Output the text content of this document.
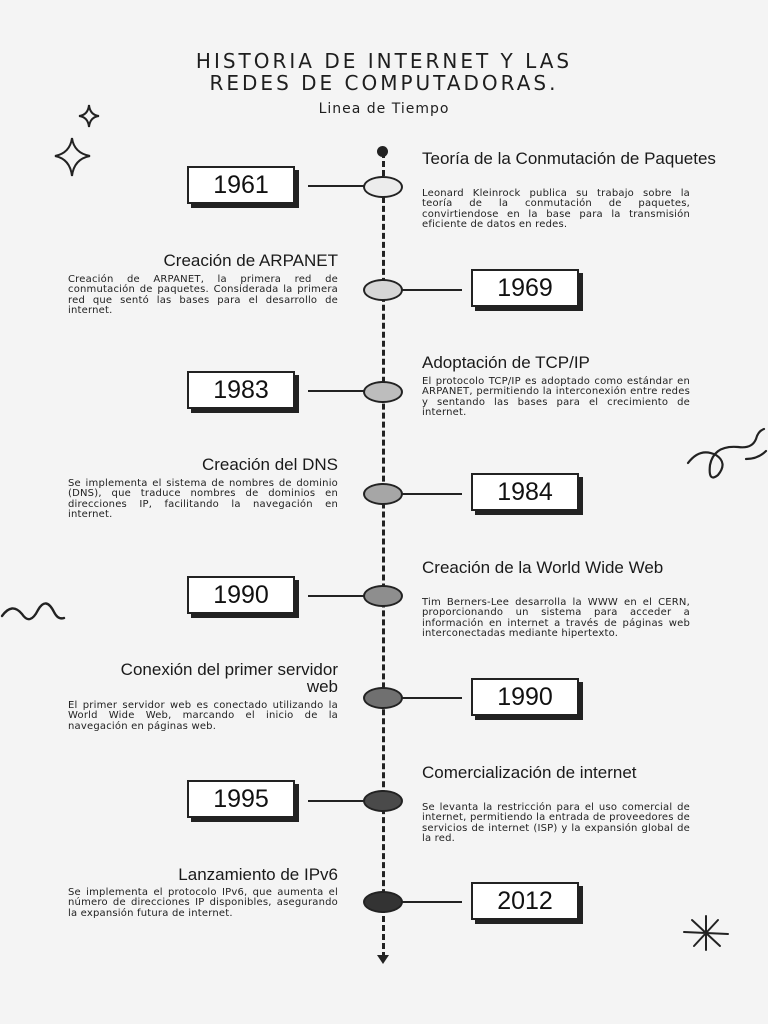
HISTORIA DE INTERNET Y LAS
REDES DE COMPUTADORAS.
Linea de Tiempo
1961
Teoría de la Conmutación de Paquetes
Leonard Kleinrock publica su trabajo sobre la teoría de la conmutación de paquetes, convirtiendose en la base para la transmisión eficiente de datos en redes.
1969
Creación de ARPANET
Creación de ARPANET, la primera red de conmutación de paquetes. Considerada la primera red que sentó las bases para el desarrollo de internet.
1983
Adoptación de TCP/IP
El protocolo TCP/IP es adoptado como estándar en ARPANET, permitiendo la interconexión entre redes y sentando las bases para el crecimiento de internet.
1984
Creación del DNS
Se implementa el sistema de nombres de dominio (DNS), que traduce nombres de dominios en direcciones IP, facilitando la navegación en internet.
1990
Creación de la World Wide Web
Tim Berners-Lee desarrolla la WWW en el CERN, proporcionando un sistema para acceder a información en internet a través de páginas web interconectadas mediante hipertexto.
1990
Conexión del primer servidor web
El primer servidor web es conectado utilizando la World Wide Web, marcando el inicio de la navegación en páginas web.
1995
Comercialización de internet
Se levanta la restricción para el uso comercial de internet, permitiendo la entrada de proveedores de servicios de internet (ISP) y la expansión global de la red.
2012
Lanzamiento de IPv6
Se implementa el protocolo IPv6, que aumenta el número de direcciones IP disponibles, asegurando la expansión futura de internet.
